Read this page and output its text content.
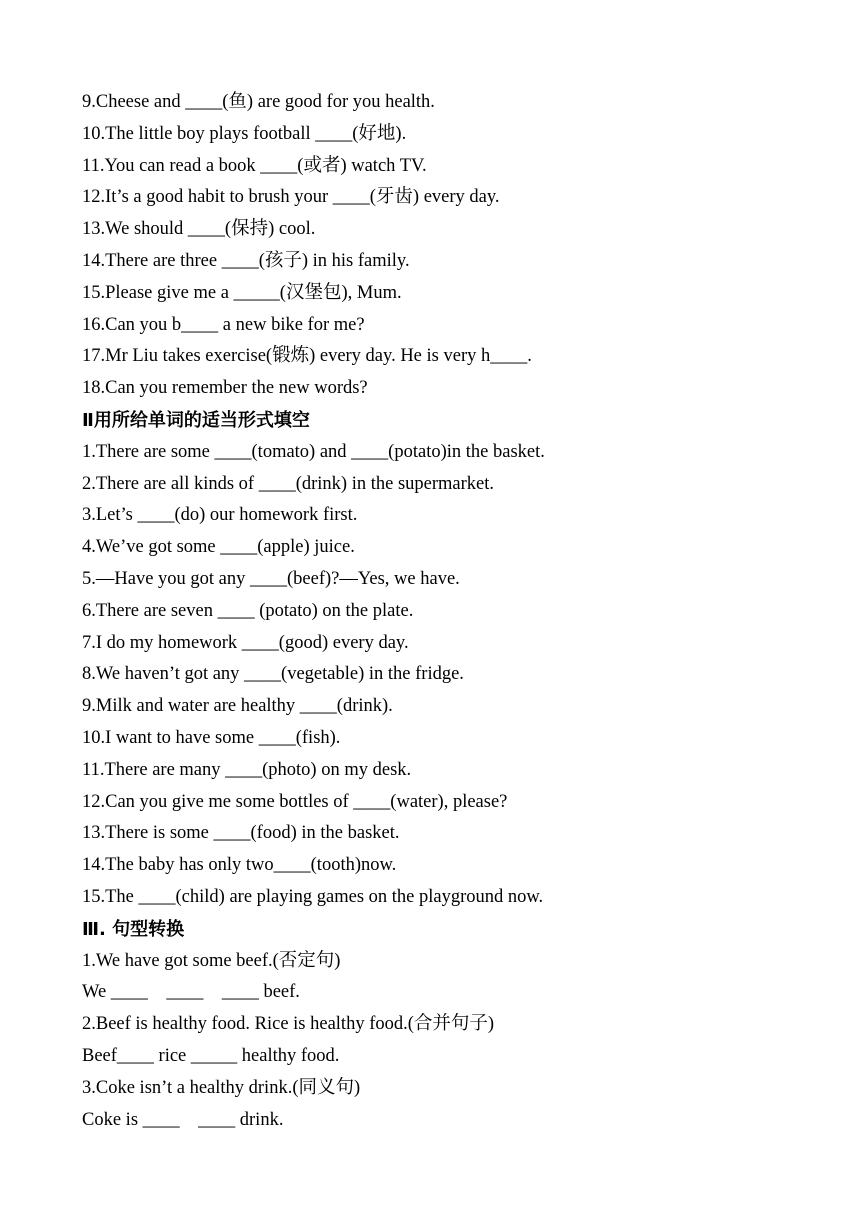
9.Cheese and ____(鱼) are good for you health.
10.The little boy plays football ____(好地).
11.You can read a book ____(或者) watch TV.
12.It’s a good habit to brush your ____(牙齿) every day.
13.We should ____(保持) cool.
14.There are three ____(孩子) in his family.
15.Please give me a _____(汉堡包), Mum.
16.Can you b____ a new bike for me?
17.Mr Liu takes exercise(锻炼) every day. He is very h____.
18.Can you remember the new words?
Ⅱ用所给单词的适当形式填空
1.There are some ____(tomato) and ____(potato)in the basket.
2.There are all kinds of ____(drink) in the supermarket.
3.Let’s ____(do) our homework first.
4.We’ve got some ____(apple) juice.
5.—Have you got any ____(beef)?—Yes, we have.
6.There are seven ____ (potato) on the plate.
7.I do my homework ____(good) every day.
8.We haven’t got any ____(vegetable) in the fridge.
9.Milk and water are healthy ____(drink).
10.I want to have some ____(fish).
11.There are many ____(photo) on my desk.
12.Can you give me some bottles of ____(water), please?
13.There is some ____(food) in the basket.
14.The baby has only two____(tooth)now.
15.The ____(child) are playing games on the playground now.
Ⅲ. 句型转换
1.We have got some beef.(否定句)
We ____    ____    ____ beef.
2.Beef is healthy food. Rice is healthy food.(合并句子)
Beef____ rice _____ healthy food.
3.Coke isn’t a healthy drink.(同义句)
Coke is ____    ____ drink.
